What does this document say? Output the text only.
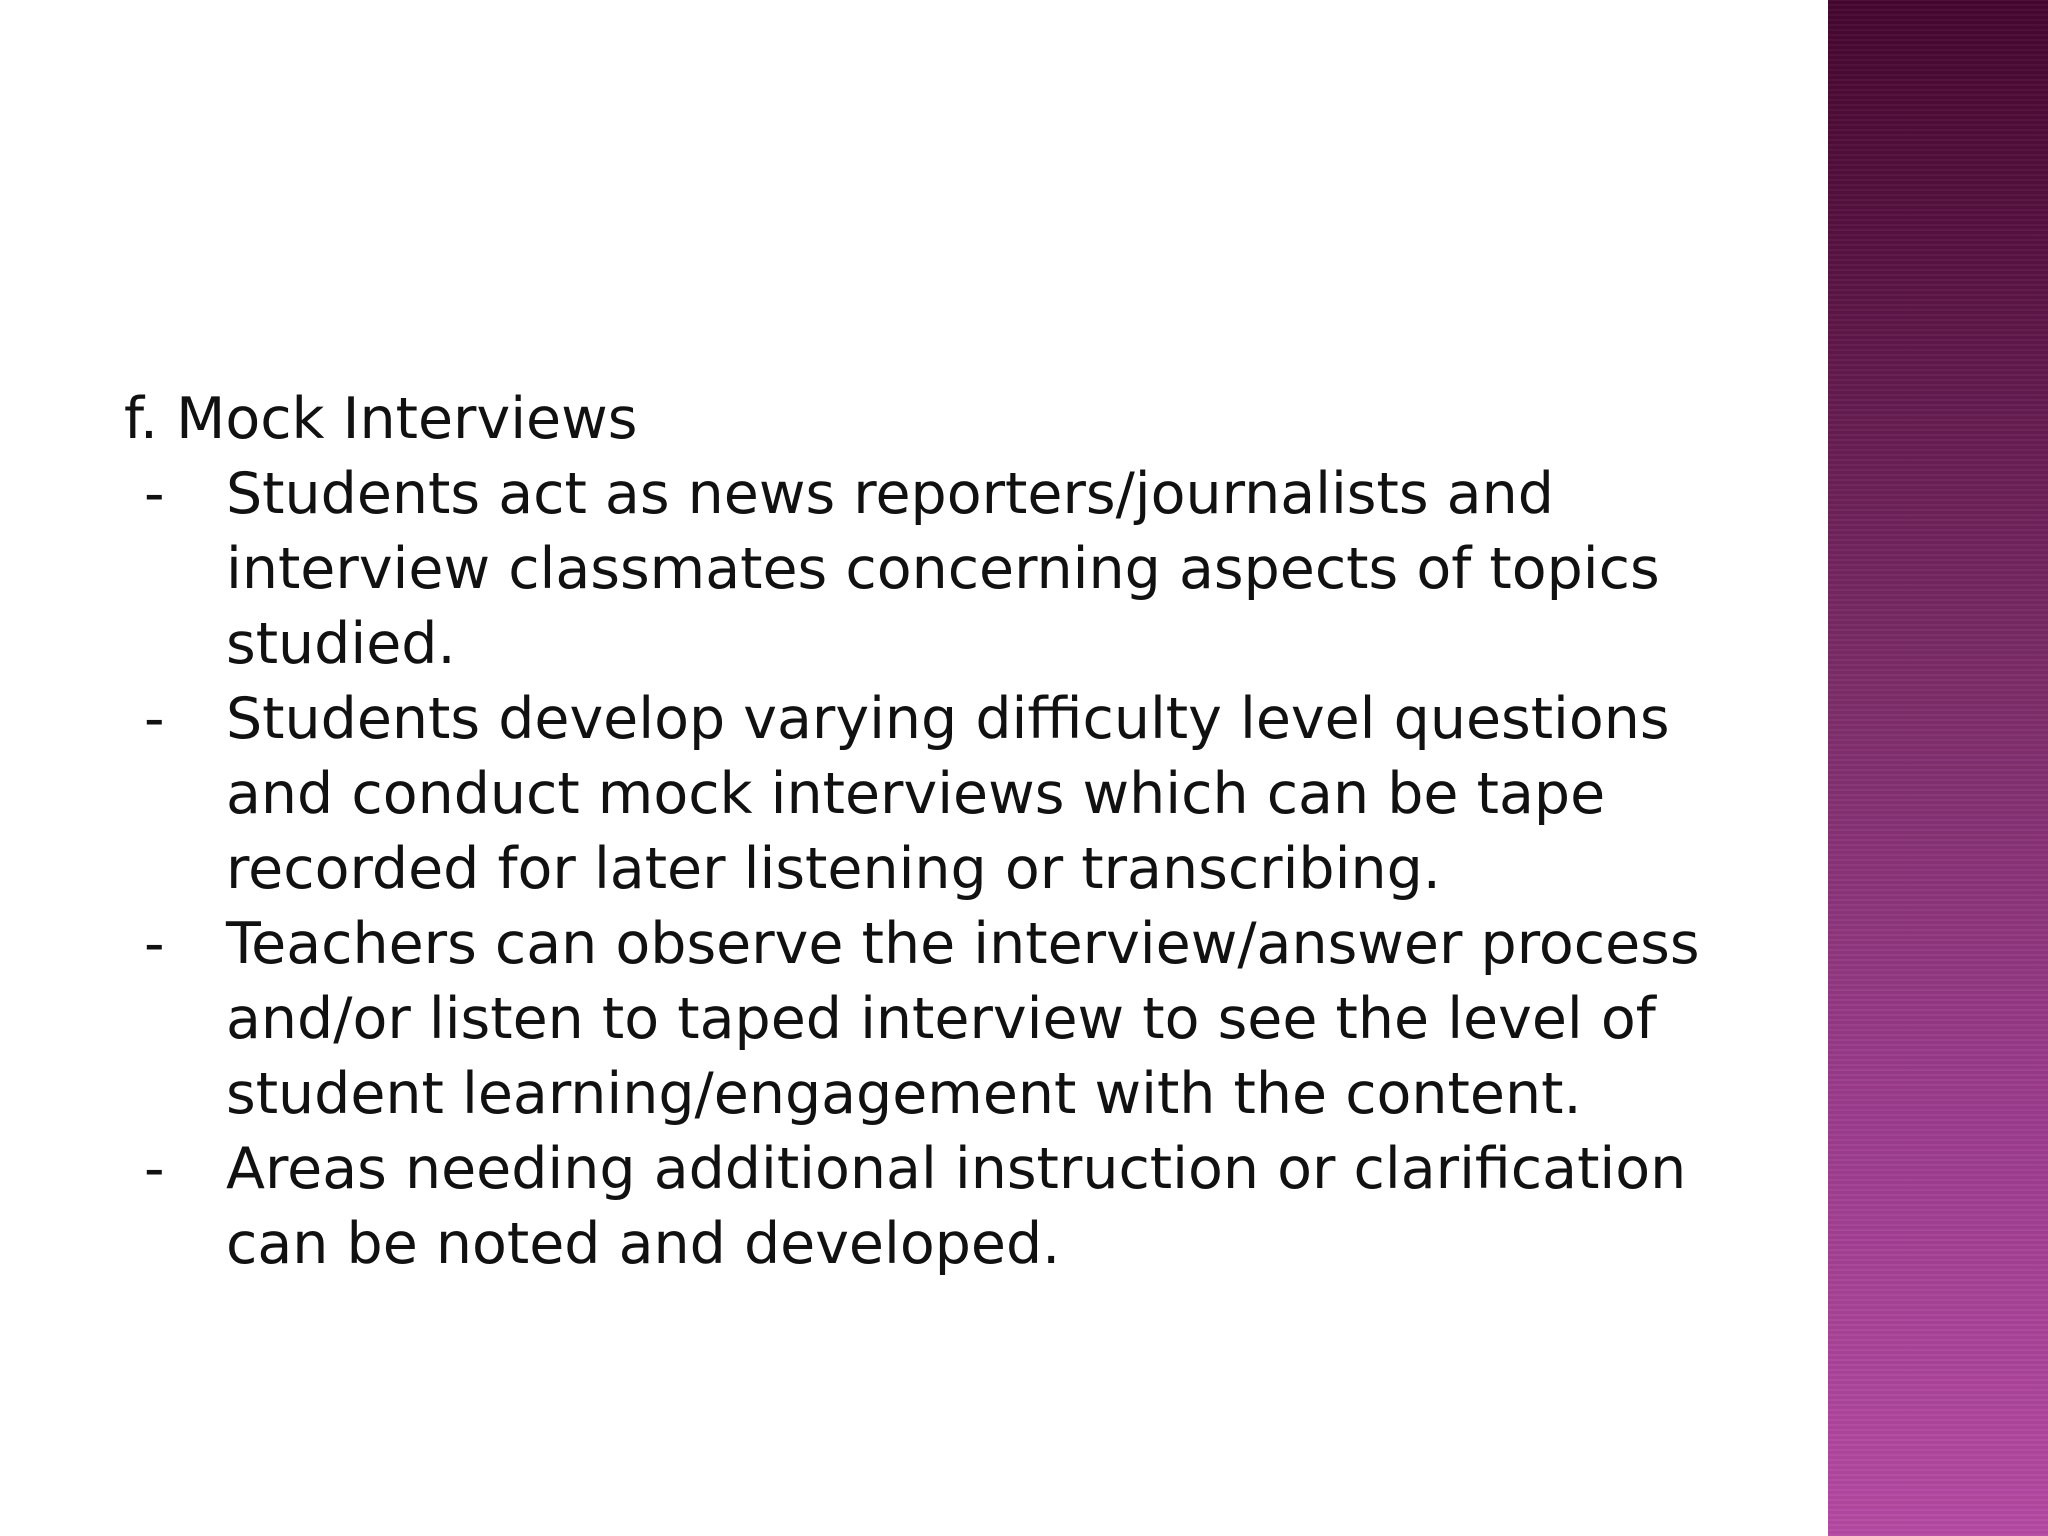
f. Mock Interviews

- Students act as news reporters/journalists and interview classmates concerning aspects of topics studied.
- Students develop varying difficulty level questions and conduct mock interviews which can be tape recorded for later listening or transcribing.
- Teachers can observe the interview/answer process and/or listen to taped interview to see the level of student learning/engagement with the content.
- Areas needing additional instruction or clarification can be noted and developed.
